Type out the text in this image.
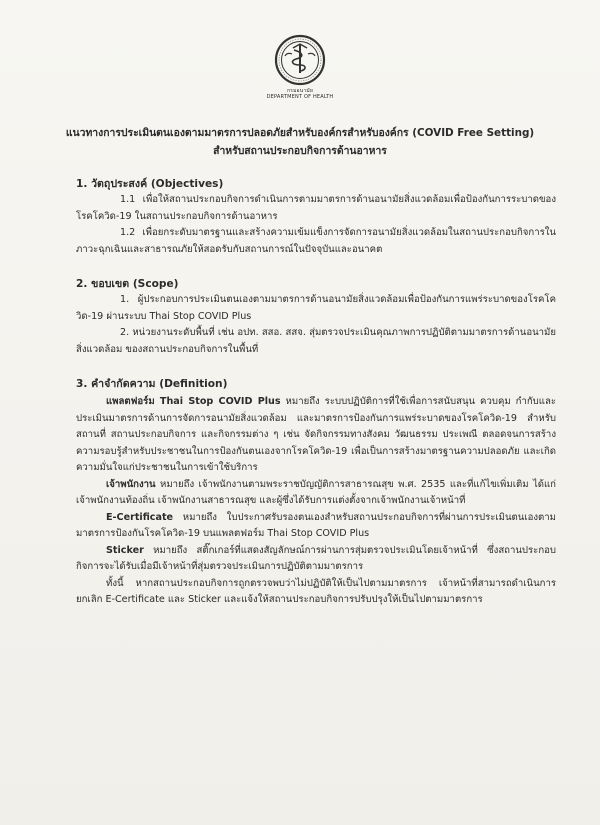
กรมอนามัย
DEPARTMENT OF HEALTH
แนวทางการประเมินตนเองตามมาตรการปลอดภัยสำหรับองค์กรสำหรับองค์กร (COVID Free Setting)
สำหรับสถานประกอบกิจการด้านอาหาร

1. วัตถุประสงค์ (Objectives)

1.1 เพื่อให้สถานประกอบกิจการดำเนินการตามมาตรการด้านอนามัยสิ่งแวดล้อมเพื่อป้องกันการระบาดของโรคโควิด-19 ในสถานประกอบกิจการด้านอาหาร

1.2 เพื่อยกระดับมาตรฐานและสร้างความเข้มแข็งการจัดการอนามัยสิ่งแวดล้อมในสถานประกอบกิจการในภาวะฉุกเฉินและสาธารณภัยให้สอดรับกับสถานการณ์ในปัจจุบันและอนาคต

2. ขอบเขต (Scope)

1. ผู้ประกอบการประเมินตนเองตามมาตรการด้านอนามัยสิ่งแวดล้อมเพื่อป้องกันการแพร่ระบาดของโรคโควิด-19 ผ่านระบบ Thai Stop COVID Plus

2. หน่วยงานระดับพื้นที่ เช่น อปท. สสอ. สสจ. สุ่มตรวจประเมินคุณภาพการปฏิบัติตามมาตรการด้านอนามัยสิ่งแวดล้อม ของสถานประกอบกิจการในพื้นที่

3. คำจำกัดความ (Definition)

แพลตฟอร์ม Thai Stop COVID Plus หมายถึง ระบบปฏิบัติการที่ใช้เพื่อการสนับสนุน ควบคุม กำกับและประเมินมาตรการด้านการจัดการอนามัยสิ่งแวดล้อม และมาตรการป้องกันการแพร่ระบาดของโรคโควิด-19 สำหรับสถานที่ สถานประกอบกิจการ และกิจกรรมต่าง ๆ เช่น จัดกิจกรรมทางสังคม วัฒนธรรม ประเพณี ตลอดจนการสร้างความรอบรู้สำหรับประชาชนในการป้องกันตนเองจากโรคโควิด-19 เพื่อเป็นการสร้างมาตรฐานความปลอดภัย และเกิดความมั่นใจแก่ประชาชนในการเข้าใช้บริการ

เจ้าพนักงาน หมายถึง เจ้าพนักงานตามพระราชบัญญัติการสาธารณสุข พ.ศ. 2535 และที่แก้ไขเพิ่มเติม ได้แก่ เจ้าพนักงานท้องถิ่น เจ้าพนักงานสาธารณสุข และผู้ซึ่งได้รับการแต่งตั้งจากเจ้าพนักงานเจ้าหน้าที่

E-Certificate หมายถึง ใบประกาศรับรองตนเองสำหรับสถานประกอบกิจการที่ผ่านการประเมินตนเองตามมาตรการป้องกันโรคโควิด-19 บนแพลตฟอร์ม Thai Stop COVID Plus

Sticker หมายถึง สติ๊กเกอร์ที่แสดงสัญลักษณ์การผ่านการสุ่มตรวจประเมินโดยเจ้าหน้าที่ ซึ่งสถานประกอบกิจการจะได้รับเมื่อมีเจ้าหน้าที่สุ่มตรวจประเมินการปฏิบัติตามมาตรการ

ทั้งนี้ หากสถานประกอบกิจการถูกตรวจพบว่าไม่ปฏิบัติให้เป็นไปตามมาตรการ เจ้าหน้าที่สามารถดำเนินการยกเลิก E-Certificate และ Sticker และแจ้งให้สถานประกอบกิจการปรับปรุงให้เป็นไปตามมาตรการ
